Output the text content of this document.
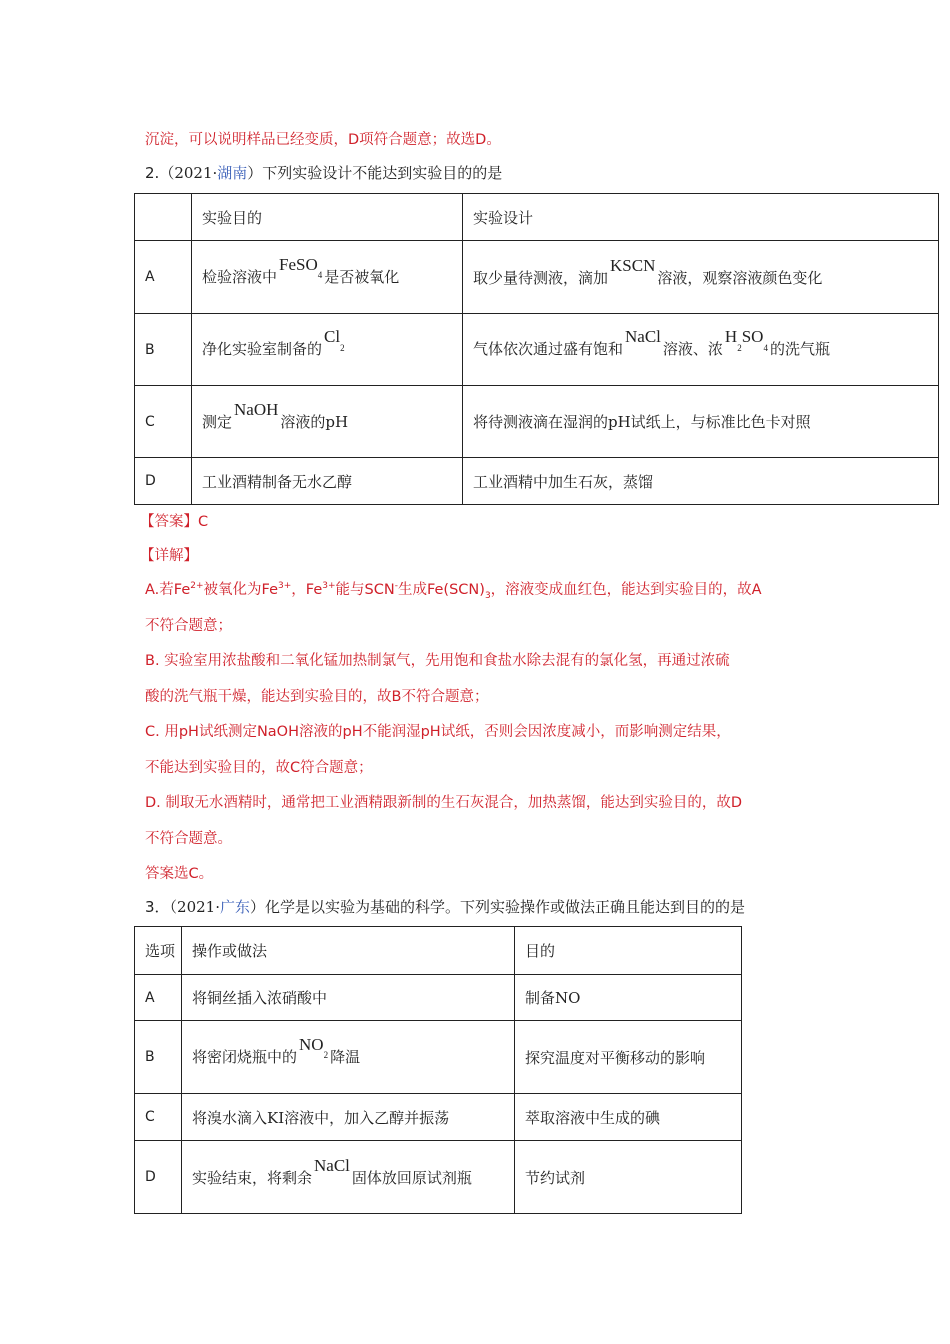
沉淀，可以说明样品已经变质，D项符合题意；故选D。
2.（2021·湖南）下列实验设计不能达到实验目的的是
	实验目的	实验设计
A	检验溶液中FeSO$_4$ 是否被氧化	取少量待测液，滴加KSCN溶液，观察溶液颜色变化
B	净化实验室制备的$Cl_2$	气体依次通过盛有饱和NaCl溶液、浓$H_2SO_4$ 的洗气瓶
C	测定NaOH溶液的pH	将待测液滴在湿润的pH试纸上，与标准比色卡对照
D	工业酒精制备无水乙醇	工业酒精中加生石灰，蒸馏
【答案】C
【详解】
A.若$Fe^{2+}$被氧化为$Fe^{3+}$，$Fe^{3+}$能与SCN-生成$Fe(SCN)_3$，溶液变成血红色，能达到实验目的，故A
不符合题意；
B. 实验室用浓盐酸和二氧化锰加热制氯气，先用饱和食盐水除去混有的氯化氢，再通过浓硫
酸的洗气瓶干燥，能达到实验目的，故B不符合题意；
C. 用pH试纸测定NaOH溶液的pH不能润湿pH试纸，否则会因浓度减小，而影响测定结果，
不能达到实验目的，故C符合题意；
D. 制取无水酒精时，通常把工业酒精跟新制的生石灰混合，加热蒸馏，能达到实验目的，故D
不符合题意。
答案选C。
3．（2021·广东）化学是以实验为基础的科学。下列实验操作或做法正确且能达到目的的是
选项	操作或做法	目的
A	将铜丝插入浓硝酸中	制备NO
B	将密闭烧瓶中的$NO_2$ 降温	探究温度对平衡移动的影响
C	将溴水滴入KI溶液中，加入乙醇并振荡	萃取溶液中生成的碘
D	实验结束，将剩余NaCl固体放回原试剂瓶	节约试剂
